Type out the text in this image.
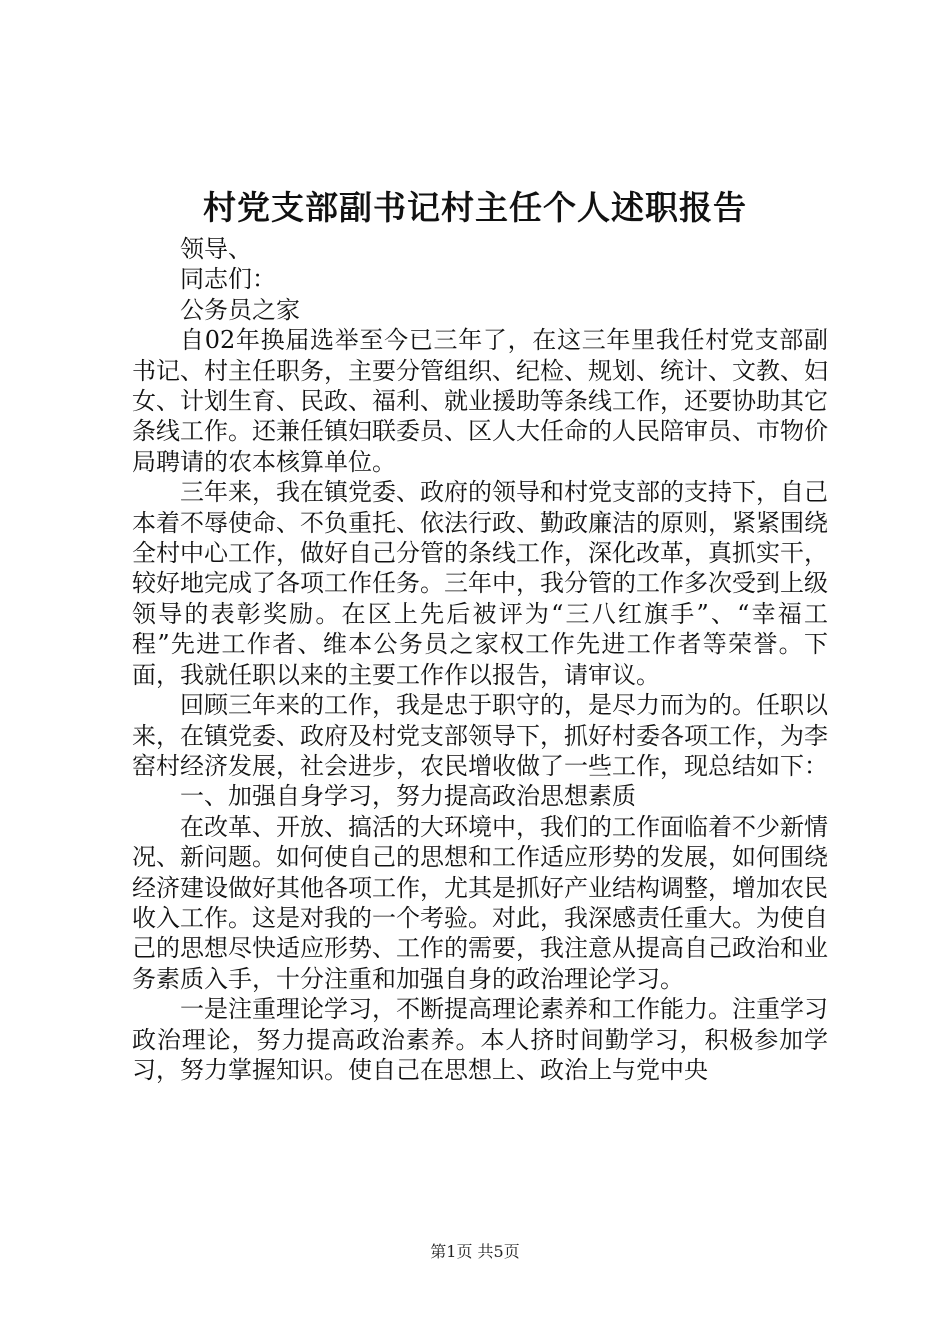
村党支部副书记村主任个人述职报告

领导、

同志们：

公务员之家

自02年换届选举至今已三年了，在这三年里我任村党支部副书记、村主任职务，主要分管组织、纪检、规划、统计、文教、妇女、计划生育、民政、福利、就业援助等条线工作，还要协助其它条线工作。还兼任镇妇联委员、区人大任命的人民陪审员、市物价局聘请的农本核算单位。

三年来，我在镇党委、政府的领导和村党支部的支持下，自己本着不辱使命、不负重托、依法行政、勤政廉洁的原则，紧紧围绕全村中心工作，做好自己分管的条线工作，深化改革，真抓实干，较好地完成了各项工作任务。三年中，我分管的工作多次受到上级领导的表彰奖励。在区上先后被评为“三八红旗手”、“幸福工程”先进工作者、维本公务员之家权工作先进工作者等荣誉。下面，我就任职以来的主要工作作以报告，请审议。

回顾三年来的工作，我是忠于职守的，是尽力而为的。任职以来，在镇党委、政府及村党支部领导下，抓好村委各项工作，为李窑村经济发展，社会进步，农民增收做了一些工作，现总结如下：

一、加强自身学习，努力提高政治思想素质

在改革、开放、搞活的大环境中，我们的工作面临着不少新情况、新问题。如何使自己的思想和工作适应形势的发展，如何围绕经济建设做好其他各项工作，尤其是抓好产业结构调整，增加农民收入工作。这是对我的一个考验。对此，我深感责任重大。为使自己的思想尽快适应形势、工作的需要，我注意从提高自己政治和业务素质入手，十分注重和加强自身的政治理论学习。

一是注重理论学习，不断提高理论素养和工作能力。注重学习政治理论，努力提高政治素养。本人挤时间勤学习，积极参加学习，努力掌握知识。使自己在思想上、政治上与党中央

第1页 共5页
